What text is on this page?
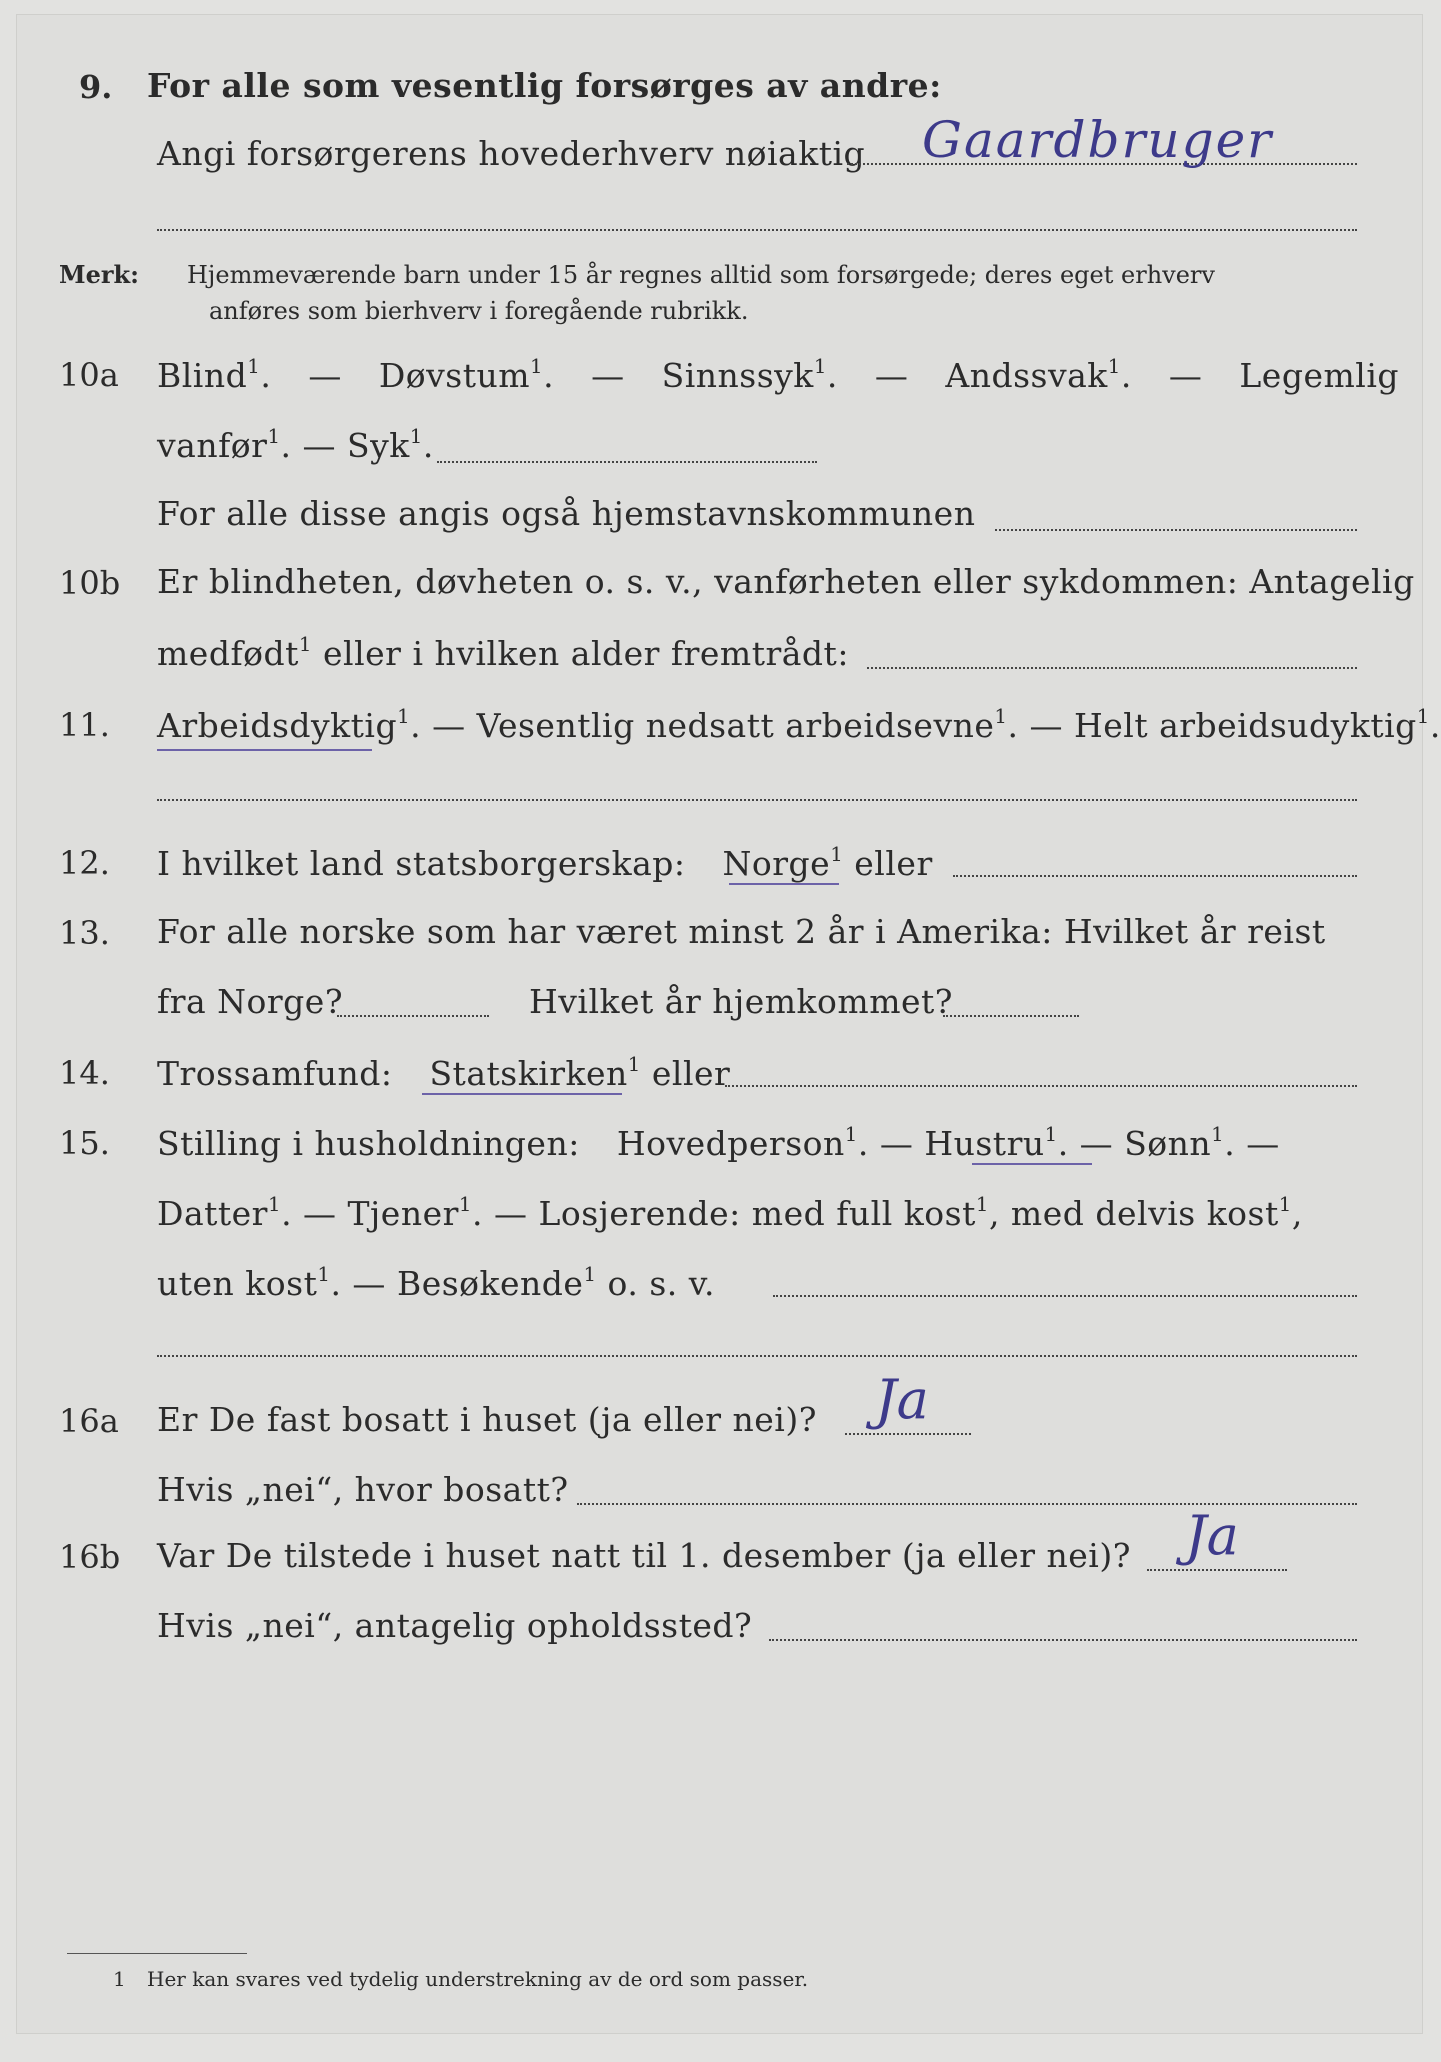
9. For alle som vesentlig forsørges av andre:
Angi forsørgerens hovederhverv nøiaktig Gaardbruger
Merk: Hjemmeværende barn under 15 år regnes alltid som forsørgede; deres eget erhverv
anføres som bierhverv i foregående rubrikk.
10a Blind$^1$. — Døvstum$^1$. — Sinnssyk$^1$. — Andssvak$^1$. — Legemlig
vanfør$^1$. — Syk$^1$.
For alle disse angis også hjemstavnskommunen
10b Er blindheten, døvheten o. s. v., vanførheten eller sykdommen: Antagelig
medfødt$^1$ eller i hvilken alder fremtrådt:
11. Arbeidsdyktig$^1$. — Vesentlig nedsatt arbeidsevne$^1$. — Helt arbeidsudyktig$^1$.
12. I hvilket land statsborgerskap: Norge$^1$ eller
13. For alle norske som har været minst 2 år i Amerika: Hvilket år reist
fra Norge?	Hvilket år hjemkommet?
14. Trossamfund: Statskirken$^1$ eller
15. Stilling i husholdningen: Hovedperson$^1$. — Hustru$^1$. — Sønn$^1$. —
Datter$^1$. — Tjener$^1$. — Losjerende: med full kost$^1$, med delvis kost$^1$,
uten kost$^1$. — Besøkende$^1$ o. s. v.
16a Er De fast bosatt i huset (ja eller nei)? Ja
Hvis „nei“, hvor bosatt?
16b Var De tilstede i huset natt til 1. desember (ja eller nei)? Ja
Hvis „nei“, antagelig opholdssted?
1 Her kan svares ved tydelig understrekning av de ord som passer.
